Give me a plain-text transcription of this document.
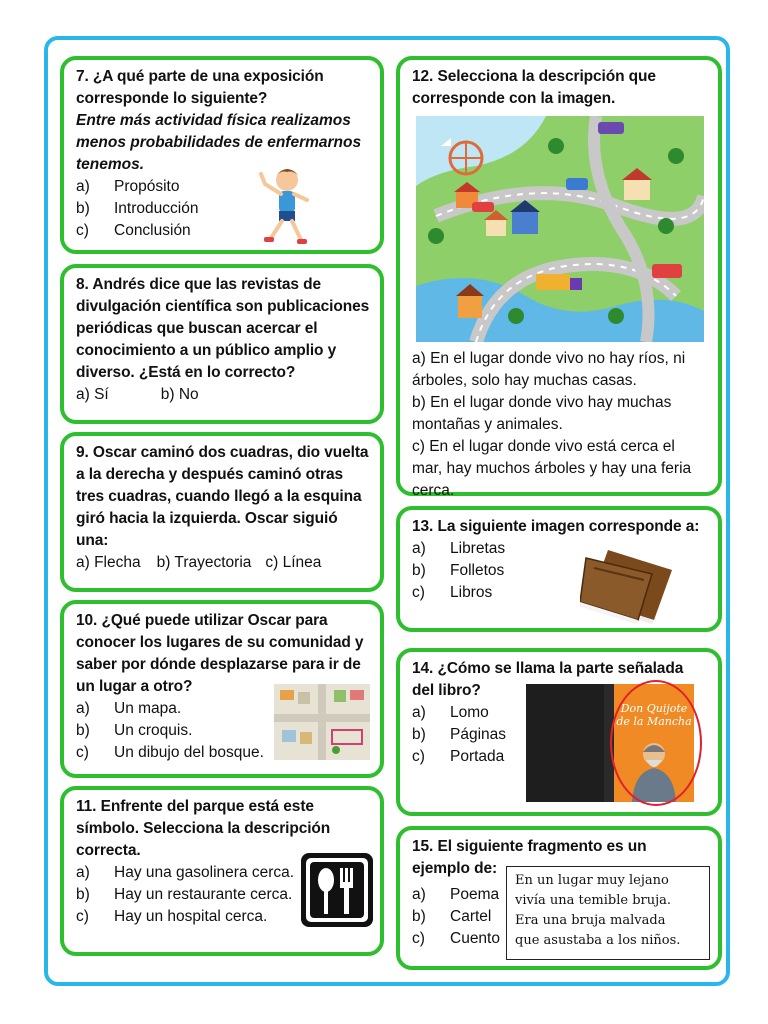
7. ¿A qué parte de una exposición corresponde lo siguiente?
Entre más actividad física realizamos menos probabilidades de enfermarnos tenemos.
a)	Propósito
b)	Introducción
c)	Conclusión
8. Andrés dice que las revistas de divulgación científica son publicaciones periódicas que buscan acercar el conocimiento a un público amplio y diverso. ¿Está en lo correcto?
a) Sí	b) No
9. Oscar caminó dos cuadras, dio vuelta a la derecha y después caminó otras tres cuadras, cuando llegó a la esquina giró hacia la izquierda. Oscar siguió una:
a) Flecha b) Trayectoria c) Línea
10. ¿Qué puede utilizar Oscar para conocer los lugares de su comunidad y saber por dónde desplazarse para ir de un lugar a otro?
a)	Un mapa.
b)	Un croquis.
c)	Un dibujo del bosque.
11. Enfrente del parque está este símbolo. Selecciona la descripción correcta.
a)	Hay una gasolinera cerca.
b)	Hay un restaurante cerca.
c)	Hay un hospital cerca.
12. Selecciona la descripción que corresponde con la imagen.
a) En el lugar donde vivo no hay ríos, ni árboles, solo hay muchas casas.
b) En el lugar donde vivo hay muchas montañas y animales.
c) En el lugar donde vivo está cerca el mar, hay muchos árboles y hay una feria cerca.
13. La siguiente imagen corresponde a:
a)	Libretas
b)	Folletos
c)	Libros
14. ¿Cómo se llama la parte señalada del libro?
a)	Lomo
b)	Páginas
c)	Portada
Don Quijote
de la Mancha
15. El siguiente fragmento es un ejemplo de:
a)	Poema
b)	Cartel
c)	Cuento
En un lugar muy lejano
vivía una temible bruja.
Era una bruja malvada
que asustaba a los niños.
